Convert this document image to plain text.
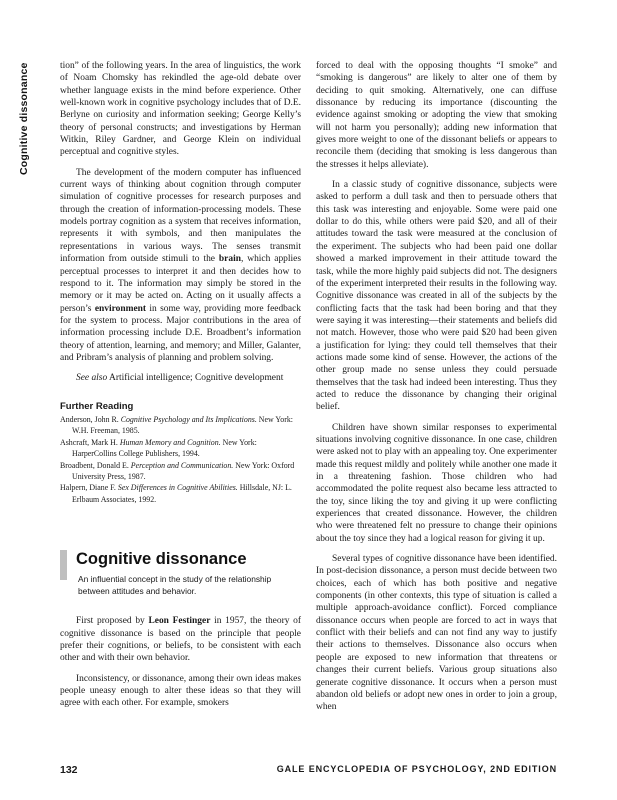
Cognitive dissonance	tion” of the following years. In the area of linguistics, the work of Noam Chomsky has rekindled the age-old debate over whether language exists in the mind before experience. Other well-known work in cognitive psychology includes that of D.E. Berlyne on curiosity and information seeking; George Kelly’s theory of personal constructs; and investigations by Herman Witkin, Riley Gardner, and George Klein on individual perceptual and cognitive styles.

The development of the modern computer has influenced current ways of thinking about cognition through computer simulation of cognitive processes for research purposes and through the creation of information-processing models. These models portray cognition as a system that receives information, represents it with symbols, and then manipulates the representations in various ways. The senses transmit information from outside stimuli to the brain, which applies perceptual processes to interpret it and then decides how to respond to it. The information may simply be stored in the memory or it may be acted on. Acting on it usually affects a person’s environment in some way, providing more feedback for the system to process. Major contributions in the area of information processing include D.E. Broadbent’s information theory of attention, learning, and memory; and Miller, Galanter, and Pribram’s analysis of planning and problem solving.

See also Artificial intelligence; Cognitive development

Further Reading
Anderson, John R. Cognitive Psychology and Its Implications. New York: W.H. Freeman, 1985.
Ashcraft, Mark H. Human Memory and Cognition. New York: HarperCollins College Publishers, 1994.
Broadbent, Donald E. Perception and Communication. New York: Oxford University Press, 1987.
Halpern, Diane F. Sex Differences in Cognitive Abilities. Hillsdale, NJ: L. Erlbaum Associates, 1992.
Cognitive dissonance

An influential concept in the study of the relationship between attitudes and behavior.

First proposed by Leon Festinger in 1957, the theory of cognitive dissonance is based on the principle that people prefer their cognitions, or beliefs, to be consistent with each other and with their own behavior.

Inconsistency, or dissonance, among their own ideas makes people uneasy enough to alter these ideas so that they will agree with each other. For example, smokers

forced to deal with the opposing thoughts “I smoke” and “smoking is dangerous” are likely to alter one of them by deciding to quit smoking. Alternatively, one can diffuse dissonance by reducing its importance (discounting the evidence against smoking or adopting the view that smoking will not harm you personally); adding new information that gives more weight to one of the dissonant beliefs or appears to reconcile them (deciding that smoking is less dangerous than the stresses it helps alleviate).

In a classic study of cognitive dissonance, subjects were asked to perform a dull task and then to persuade others that this task was interesting and enjoyable. Some were paid one dollar to do this, while others were paid $20, and all of their attitudes toward the task were measured at the conclusion of the experiment. The subjects who had been paid one dollar showed a marked improvement in their attitude toward the task, while the more highly paid subjects did not. The designers of the experiment interpreted their results in the following way. Cognitive dissonance was created in all of the subjects by the conflicting facts that the task had been boring and that they were saying it was interesting—their statements and beliefs did not match. However, those who were paid $20 had been given a justification for lying: they could tell themselves that their actions made some kind of sense. However, the actions of the other group made no sense unless they could persuade themselves that the task had indeed been interesting. Thus they acted to reduce the dissonance by changing their original belief.

Children have shown similar responses to experimental situations involving cognitive dissonance. In one case, children were asked not to play with an appealing toy. One experimenter made this request mildly and politely while another one made it in a threatening fashion. Those children who had accommodated the polite request also became less attracted to the toy, since liking the toy and giving it up were conflicting experiences that created dissonance. However, the children who were threatened felt no pressure to change their opinions about the toy since they had a logical reason for giving it up.

Several types of cognitive dissonance have been identified. In post-decision dissonance, a person must decide between two choices, each of which has both positive and negative components (in other contexts, this type of situation is called a multiple approach-avoidance conflict). Forced compliance dissonance occurs when people are forced to act in ways that conflict with their beliefs and can not find any way to justify their actions to themselves. Dissonance also occurs when people are exposed to new information that threatens or changes their current beliefs. Various group situations also generate cognitive dissonance. It occurs when a person must abandon old beliefs or adopt new ones in order to join a group, when

132	GALE ENCYCLOPEDIA OF PSYCHOLOGY, 2ND EDITION
